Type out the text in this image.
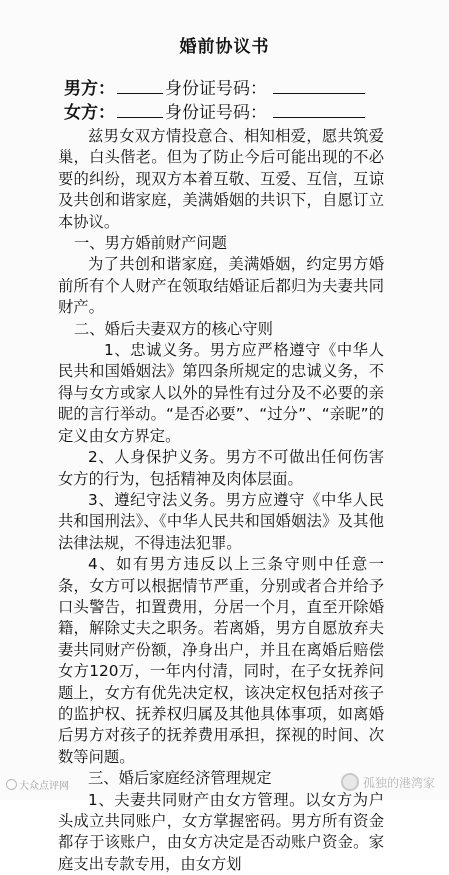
婚前协议书
男方：	身份证号码：
女方：	身份证号码：

兹男女双方情投意合、相知相爱，愿共筑爱巢，白头偕老。但为了防止今后可能出现的不必要的纠纷，现双方本着互敬、互爱、互信，互谅及共创和谐家庭，美满婚姻的共识下，自愿订立本协议。

一、男方婚前财产问题

为了共创和谐家庭，美满婚姻，约定男方婚前所有个人财产在领取结婚证后都归为夫妻共同财产。

二、婚后夫妻双方的核心守则

1、忠诚义务。男方应严格遵守《中华人民共和国婚姻法》第四条所规定的忠诚义务，不得与女方或家人以外的异性有过分及不必要的亲昵的言行举动。“是否必要”、“过分”、“亲昵”的定义由女方界定。

2、人身保护义务。男方不可做出任何伤害女方的行为，包括精神及肉体层面。

3、遵纪守法义务。男方应遵守《中华人民共和国刑法》、《中华人民共和国婚姻法》及其他法律法规，不得违法犯罪。

4、如有男方违反以上三条守则中任意一条，女方可以根据情节严重，分别或者合并给予口头警告，扣置费用，分居一个月，直至开除婚籍，解除丈夫之职务。若离婚，男方自愿放弃夫妻共同财产份额，净身出户，并且在离婚后赔偿女方120万，一年内付清，同时，在子女抚养问题上，女方有优先决定权，该决定权包括对孩子的监护权、抚养权归属及其他具体事项，如离婚后男方对孩子的抚养费用承担，探视的时间、次数等问题。

三、婚后家庭经济管理规定

1、夫妻共同财产由女方管理。以女方为户头成立共同账户，女方掌握密码。男方所有资金都存于该账户，由女方决定是否动账户资金。家庭支出专款专用，由女方划

大众点评网	孤独的港湾家
